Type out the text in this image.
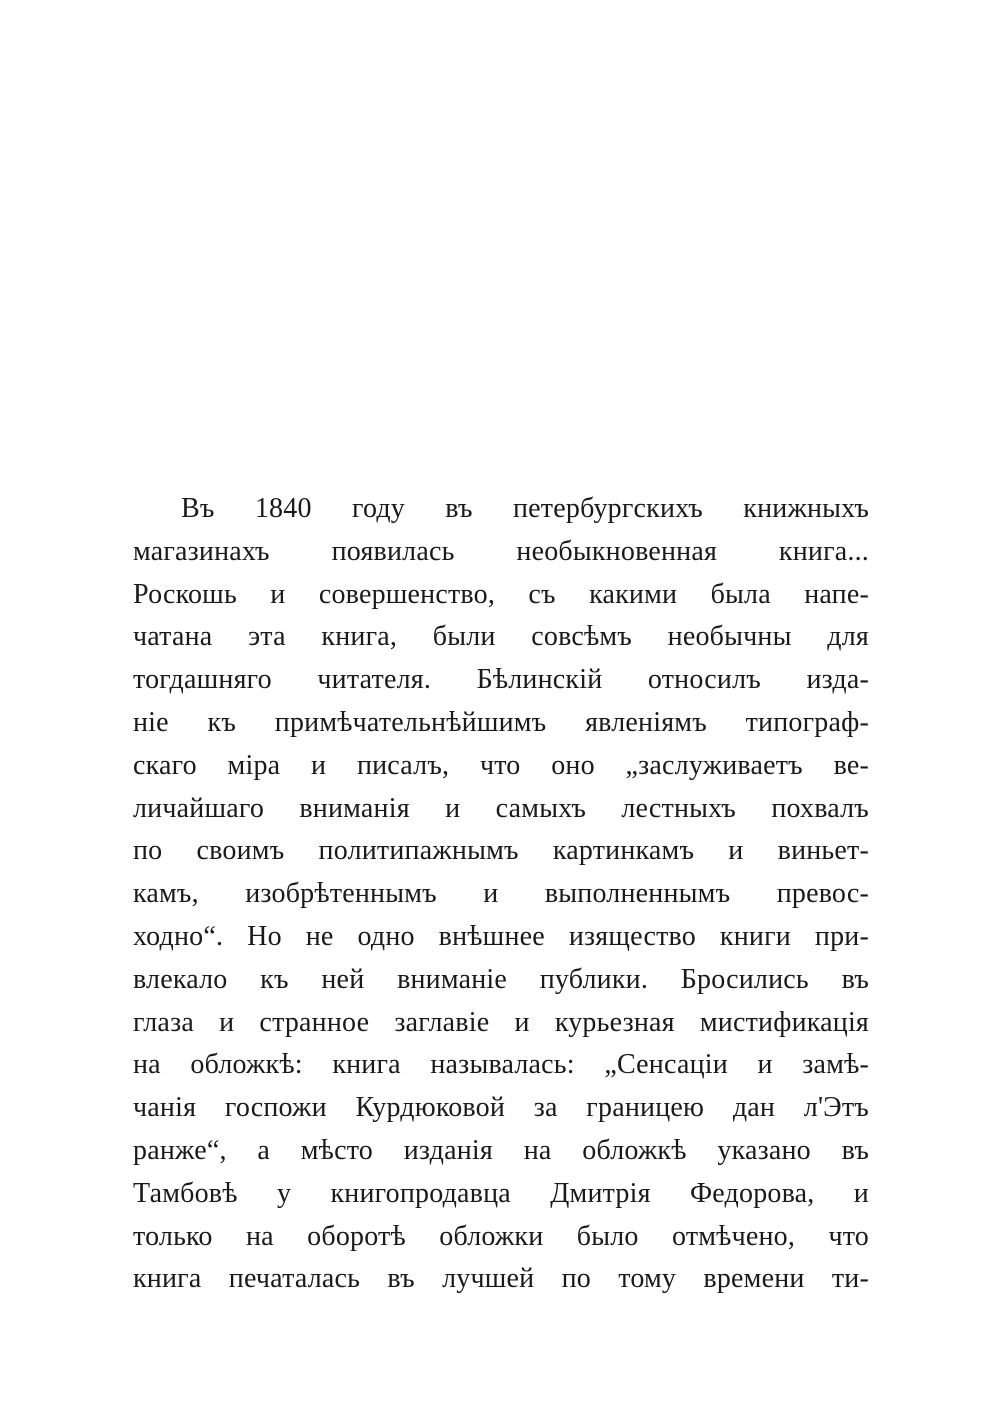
Въ 1840 году въ петербургскихъ книжныхъ
магазинахъ появилась необыкновенная книга...
Роскошь и совершенство, съ какими была напе-
чатана эта книга, были совсѣмъ необычны для
тогдашняго читателя. Бѣлинскій относилъ изда-
ніе къ примѣчательнѣйшимъ явленіямъ типограф-
скаго міра и писалъ, что оно „заслуживаетъ ве-
личайшаго вниманія и самыхъ лестныхъ похвалъ
по своимъ политипажнымъ картинкамъ и виньет-
камъ, изобрѣтеннымъ и выполненнымъ превос-
ходно“. Но не одно внѣшнее изящество книги при-
влекало къ ней вниманіе публики. Бросились въ
глаза и странное заглавіе и курьезная мистификація
на обложкѣ: книга называлась: „Сенсаціи и замѣ-
чанія госпожи Курдюковой за границею дан л'Этъ
ранже“, а мѣсто изданія на обложкѣ указано въ
Тамбовѣ у книгопродавца Дмитрія Федорова, и
только на оборотѣ обложки было отмѣчено, что
книга печаталась въ лучшей по тому времени ти-
